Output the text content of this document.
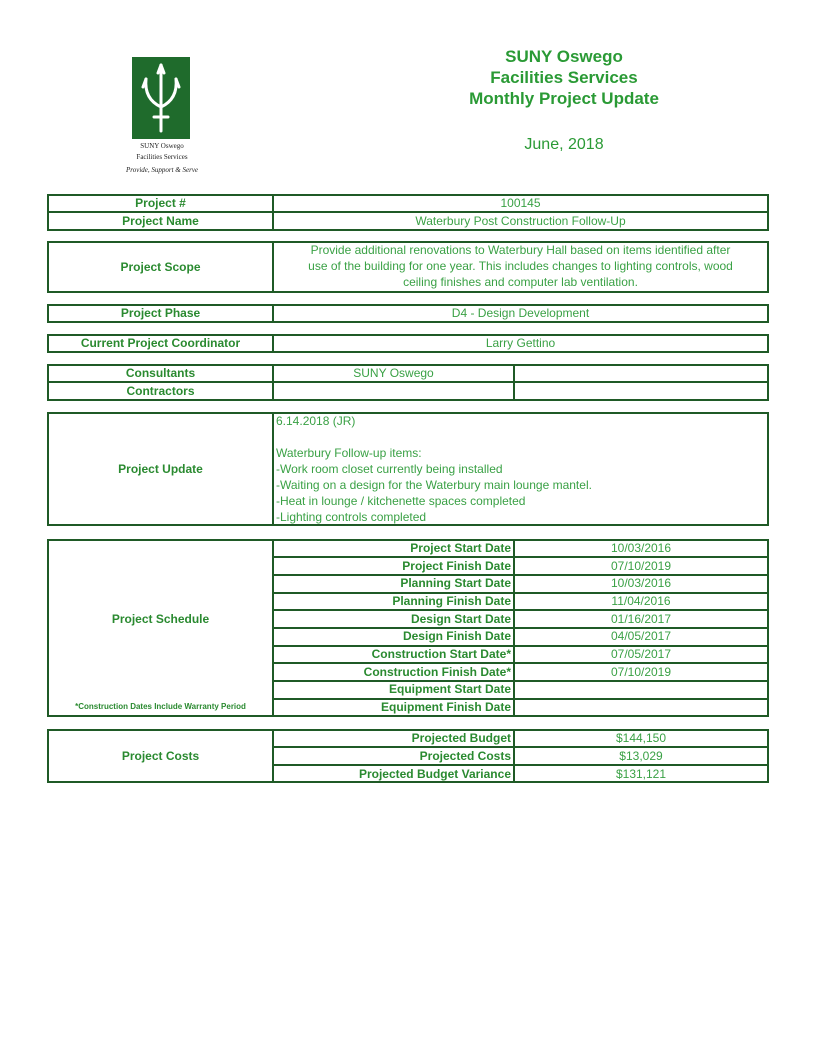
SUNY Oswego
Facilities Services
Provide, Support & Serve
SUNY Oswego
Facilities Services
Monthly Project Update
June, 2018
Project #	100145
Project Name	Waterbury Post Construction Follow-Up
Project Scope
Provide additional renovations to Waterbury Hall based on items identified after
use of the building for one year. This includes changes to lighting controls, wood
ceiling finishes and computer lab ventilation.
Project Phase	D4 - Design Development
Current Project Coordinator	Larry Gettino
Consultants	SUNY Oswego
Contractors
Project Update
6.14.2018 (JR)
Waterbury Follow-up items:
-Work room closet currently being installed
-Waiting on a design for the Waterbury main lounge mantel.
-Heat in lounge / kitchenette spaces completed
-Lighting controls completed
Project Schedule
*Construction Dates Include Warranty Period
Project Start Date	10/03/2016
Project Finish Date	07/10/2019
Planning Start Date	10/03/2016
Planning Finish Date	11/04/2016
Design Start Date	01/16/2017
Design Finish Date	04/05/2017
Construction Start Date*	07/05/2017
Construction Finish Date*	07/10/2019
Equipment Start Date
Equipment Finish Date
Project Costs
Projected Budget	$144,150
Projected Costs	$13,029
Projected Budget Variance	$131,121
